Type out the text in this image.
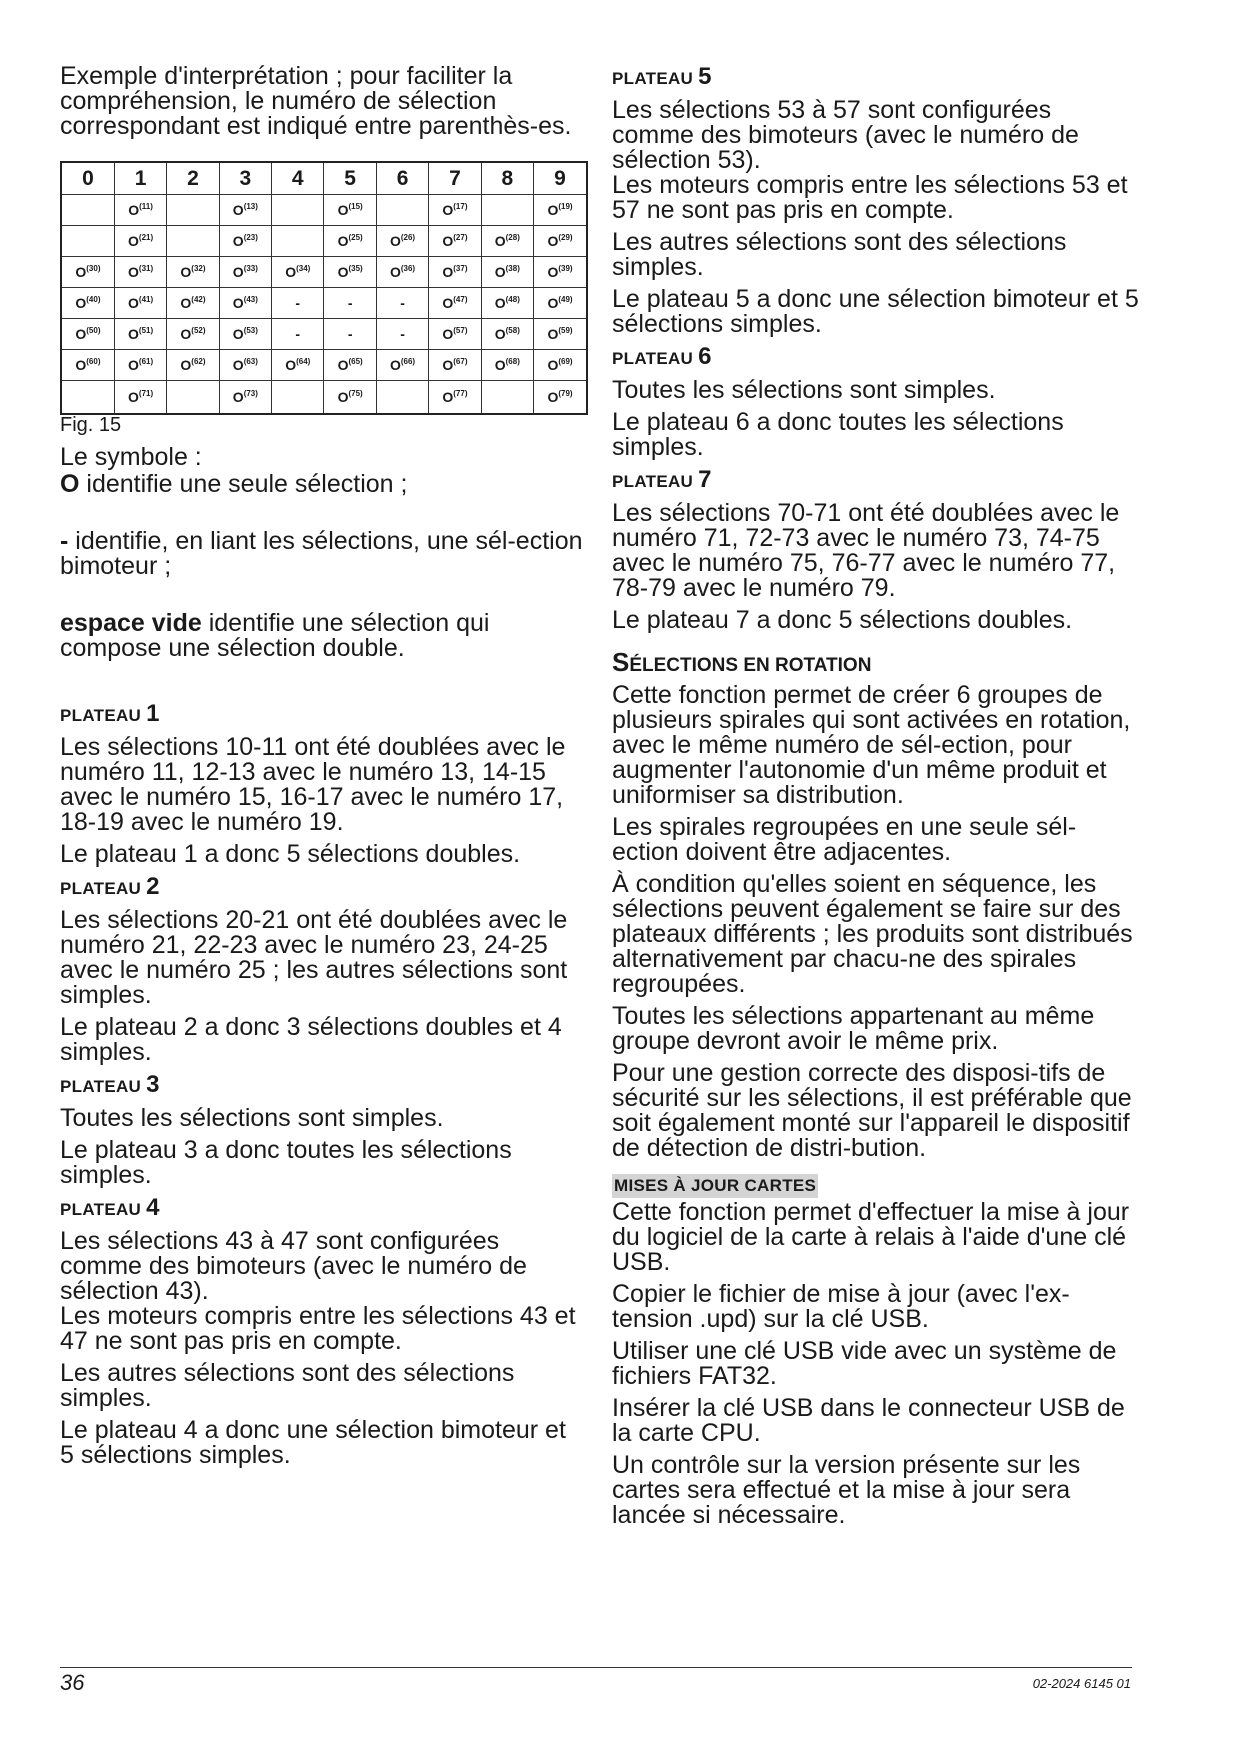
Exemple d'interprétation ; pour faciliter la compréhension, le numéro de sélection correspondant est indiqué entre parenthès-es.

0	1	2	3	4	5	6	7	8	9
	$O^{(11)}$		$O^{(13)}$		$O^{(15)}$		$O^{(17)}$		$O^{(19)}$
	$O^{(21)}$		$O^{(23)}$		$O^{(25)}$	$O^{(26)}$	$O^{(27)}$	$O^{(28)}$	$O^{(29)}$
$O^{(30)}$	$O^{(31)}$	$O^{(32)}$	$O^{(33)}$	$O^{(34)}$	$O^{(35)}$	$O^{(36)}$	$O^{(37)}$	$O^{(38)}$	$O^{(39)}$
$O^{(40)}$	$O^{(41)}$	$O^{(42)}$	$O^{(43)}$	-	-	-	$O^{(47)}$	$O^{(48)}$	$O^{(49)}$
$O^{(50)}$	$O^{(51)}$	$O^{(52)}$	$O^{(53)}$	-	-	-	$O^{(57)}$	$O^{(58)}$	$O^{(59)}$
$O^{(60)}$	$O^{(61)}$	$O^{(62)}$	$O^{(63)}$	$O^{(64)}$	$O^{(65)}$	$O^{(66)}$	$O^{(67)}$	$O^{(68)}$	$O^{(69)}$
	$O^{(71)}$		$O^{(73)}$		$O^{(75)}$		$O^{(77)}$		$O^{(79)}$
Fig. 15

Le symbole :

O identifie une seule sélection ;

- identifie, en liant les sélections, une sél-ection bimoteur ;

espace vide identifie une sélection qui compose une sélection double.

PLATEAU 1

Les sélections 10-11 ont été doublées avec le numéro 11, 12-13 avec le numéro 13, 14-15 avec le numéro 15, 16-17 avec le numéro 17, 18-19 avec le numéro 19.

Le plateau 1 a donc 5 sélections doubles.

PLATEAU 2

Les sélections 20-21 ont été doublées avec le numéro 21, 22-23 avec le numéro 23, 24-25 avec le numéro 25 ; les autres sélections sont simples.

Le plateau 2 a donc 3 sélections doubles et 4 simples.

PLATEAU 3

Toutes les sélections sont simples.

Le plateau 3 a donc toutes les sélections simples.

PLATEAU 4

Les sélections 43 à 47 sont configurées comme des bimoteurs (avec le numéro de sélection 43).

Les moteurs compris entre les sélections 43 et 47 ne sont pas pris en compte.

Les autres sélections sont des sélections simples.

Le plateau 4 a donc une sélection bimoteur et 5 sélections simples.

PLATEAU 5

Les sélections 53 à 57 sont configurées comme des bimoteurs (avec le numéro de sélection 53).

Les moteurs compris entre les sélections 53 et 57 ne sont pas pris en compte.

Les autres sélections sont des sélections simples.

Le plateau 5 a donc une sélection bimoteur et 5 sélections simples.

PLATEAU 6

Toutes les sélections sont simples.

Le plateau 6 a donc toutes les sélections simples.

PLATEAU 7

Les sélections 70-71 ont été doublées avec le numéro 71, 72-73 avec le numéro 73, 74-75 avec le numéro 75, 76-77 avec le numéro 77, 78-79 avec le numéro 79.

Le plateau 7 a donc 5 sélections doubles.

SÉLECTIONS EN ROTATION

Cette fonction permet de créer 6 groupes de plusieurs spirales qui sont activées en rotation, avec le même numéro de sél-ection, pour augmenter l'autonomie d'un même produit et uniformiser sa distribution.

Les spirales regroupées en une seule sél-ection doivent être adjacentes.

À condition qu'elles soient en séquence, les sélections peuvent également se faire sur des plateaux différents ; les produits sont distribués alternativement par chacu-ne des spirales regroupées.

Toutes les sélections appartenant au même groupe devront avoir le même prix.

Pour une gestion correcte des disposi-tifs de sécurité sur les sélections, il est préférable que soit également monté sur l'appareil le dispositif de détection de distri-bution.

MISES À JOUR CARTES

Cette fonction permet d'effectuer la mise à jour du logiciel de la carte à relais à l'aide d'une clé USB.

Copier le fichier de mise à jour (avec l'ex-tension .upd) sur la clé USB.

Utiliser une clé USB vide avec un système de fichiers FAT32.

Insérer la clé USB dans le connecteur USB de la carte CPU.

Un contrôle sur la version présente sur les cartes sera effectué et la mise à jour sera lancée si nécessaire.

36	02-2024 6145 01
